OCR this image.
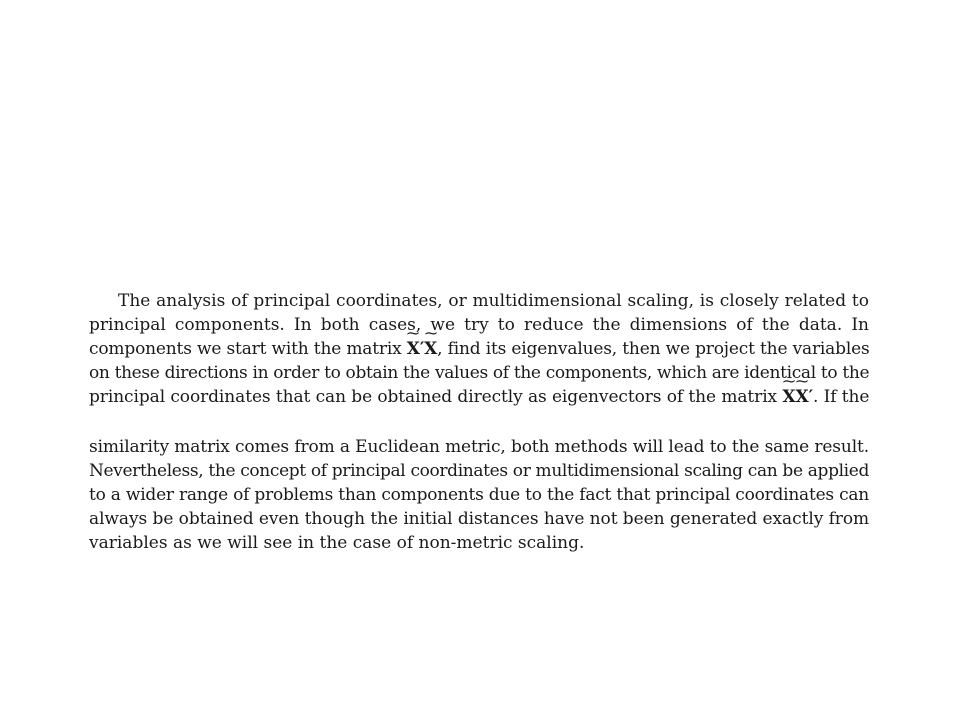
The analysis of principal coordinates, or multidimensional scaling, is closely related to
principal components. In both cases, we try to reduce the dimensions of the data. In
components we start with the matrix ~ X′~ X, find its eigenvalues, then we project the variables
on these directions in order to obtain the values of the components, which are identical to the
principal coordinates that can be obtained directly as eigenvectors of the matrix ~ X~ X′. If the
similarity matrix comes from a Euclidean metric, both methods will lead to the same result.
Nevertheless, the concept of principal coordinates or multidimensional scaling can be applied
to a wider range of problems than components due to the fact that principal coordinates can
always be obtained even though the initial distances have not been generated exactly from
variables as we will see in the case of non-metric scaling.
